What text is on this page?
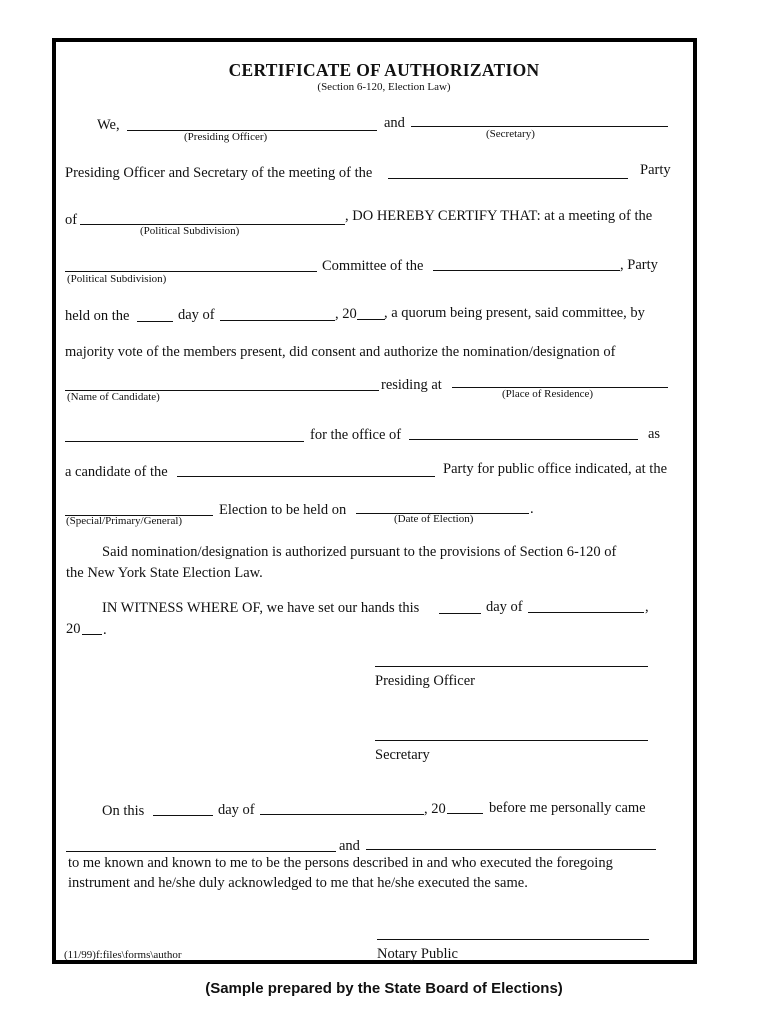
CERTIFICATE OF AUTHORIZATION
(Section 6-120, Election Law)
We,	and
(Presiding Officer)	(Secretary)
Presiding Officer and Secretary of the meeting of the	Party
of	, DO HEREBY CERTIFY THAT: at a meeting of the
(Political Subdivision)
Committee of the	, Party
(Political Subdivision)
held on the	day of	, 20 , a quorum being present, said committee, by
majority vote of the members present, did consent and authorize the nomination/designation of
residing at
(Name of Candidate)	(Place of Residence)
for the office of	as
a candidate of the	Party for public office indicated, at the
Election to be held on	.
(Special/Primary/General)	(Date of Election)
Said nomination/designation is authorized pursuant to the provisions of Section 6-120 of
the New York State Election Law.
IN WITNESS WHERE OF, we have set our hands this	day of	,
20 .
Presiding Officer
Secretary
On this	day of	, 20	before me personally came
and
to me known and known to me to be the persons described in and who executed the foregoing
instrument and he/she duly acknowledged to me that he/she executed the same.
(11/99)f:files\forms\author	Notary Public
(Sample prepared by the State Board of Elections)
